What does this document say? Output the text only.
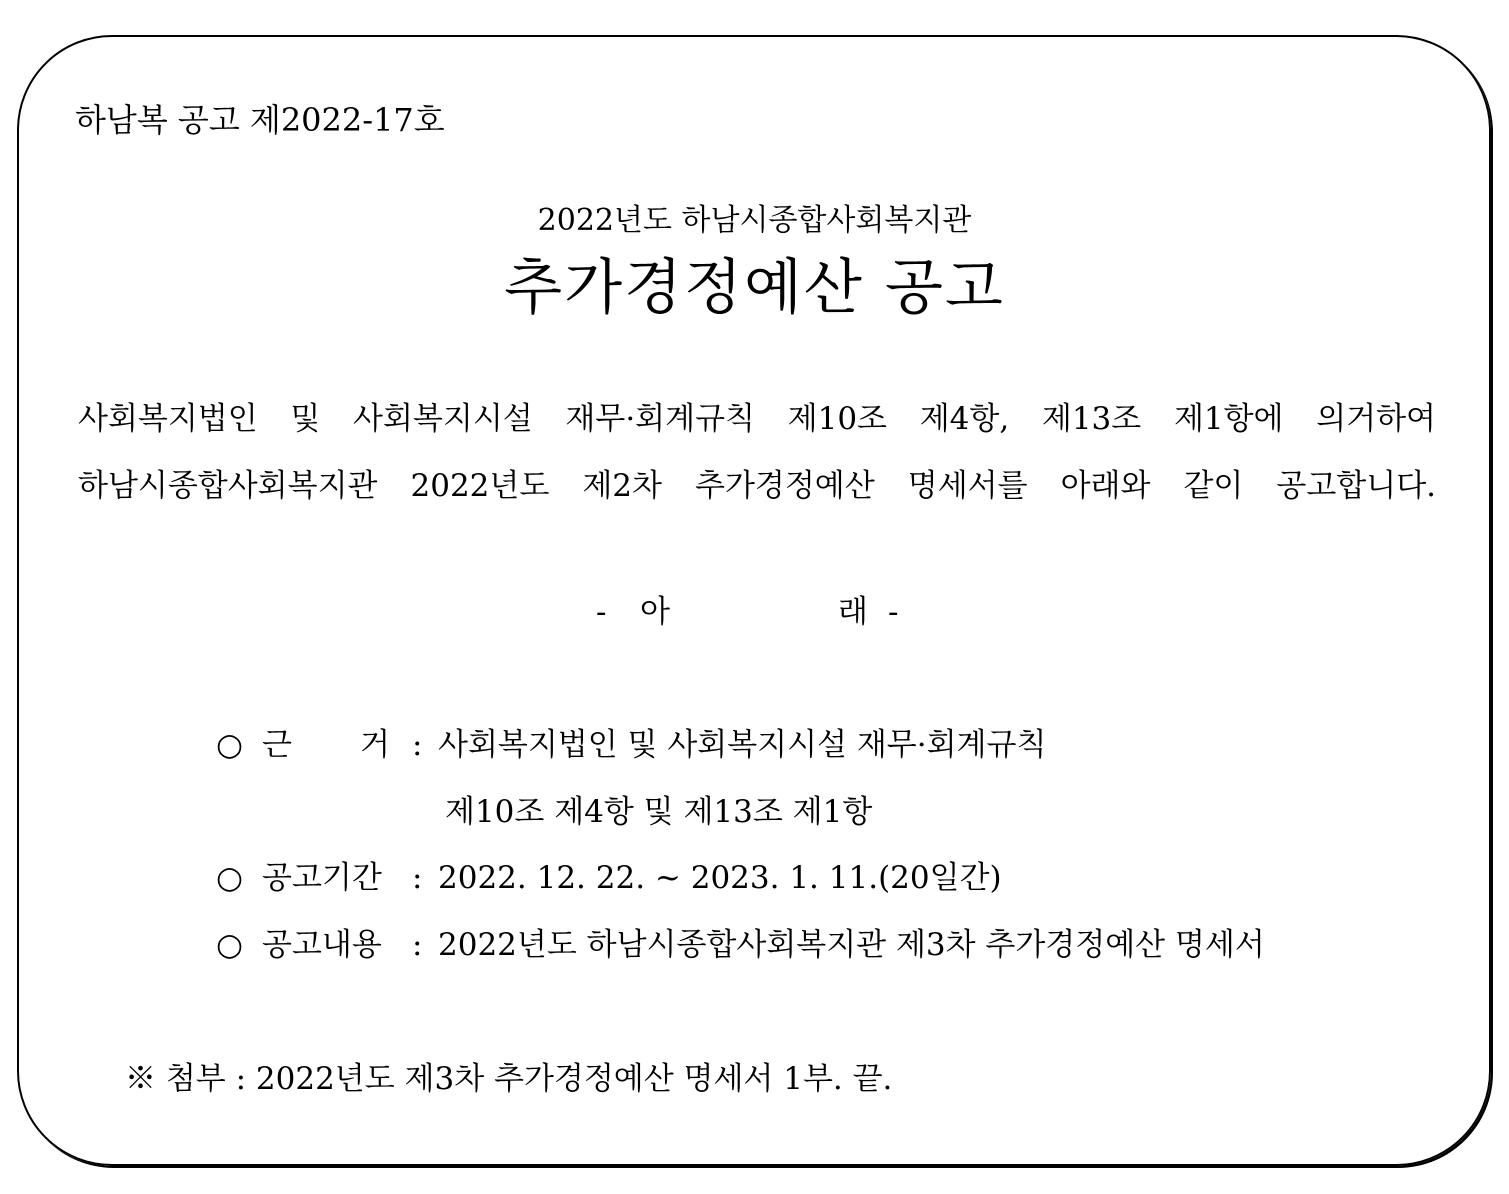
하남복 공고 제2022-17호
2022년도 하남시종합사회복지관
추가경정예산 공고
사회복지법인 및 사회복지시설 재무·회계규칙 제10조 제4항, 제13조 제1항에 의거하여
하남시종합사회복지관 2022년도 제2차 추가경정예산 명세서를 아래와 같이 공고합니다.
- 아	래 -
○ 근 거 : 사회복지법인 및 사회복지시설 재무·회계규칙
제10조 제4항 및 제13조 제1항
○ 공고기간 : 2022. 12. 22. ~ 2023. 1. 11.(20일간)
○ 공고내용 : 2022년도 하남시종합사회복지관 제3차 추가경정예산 명세서
※ 첨부 : 2022년도 제3차 추가경정예산 명세서 1부. 끝.
